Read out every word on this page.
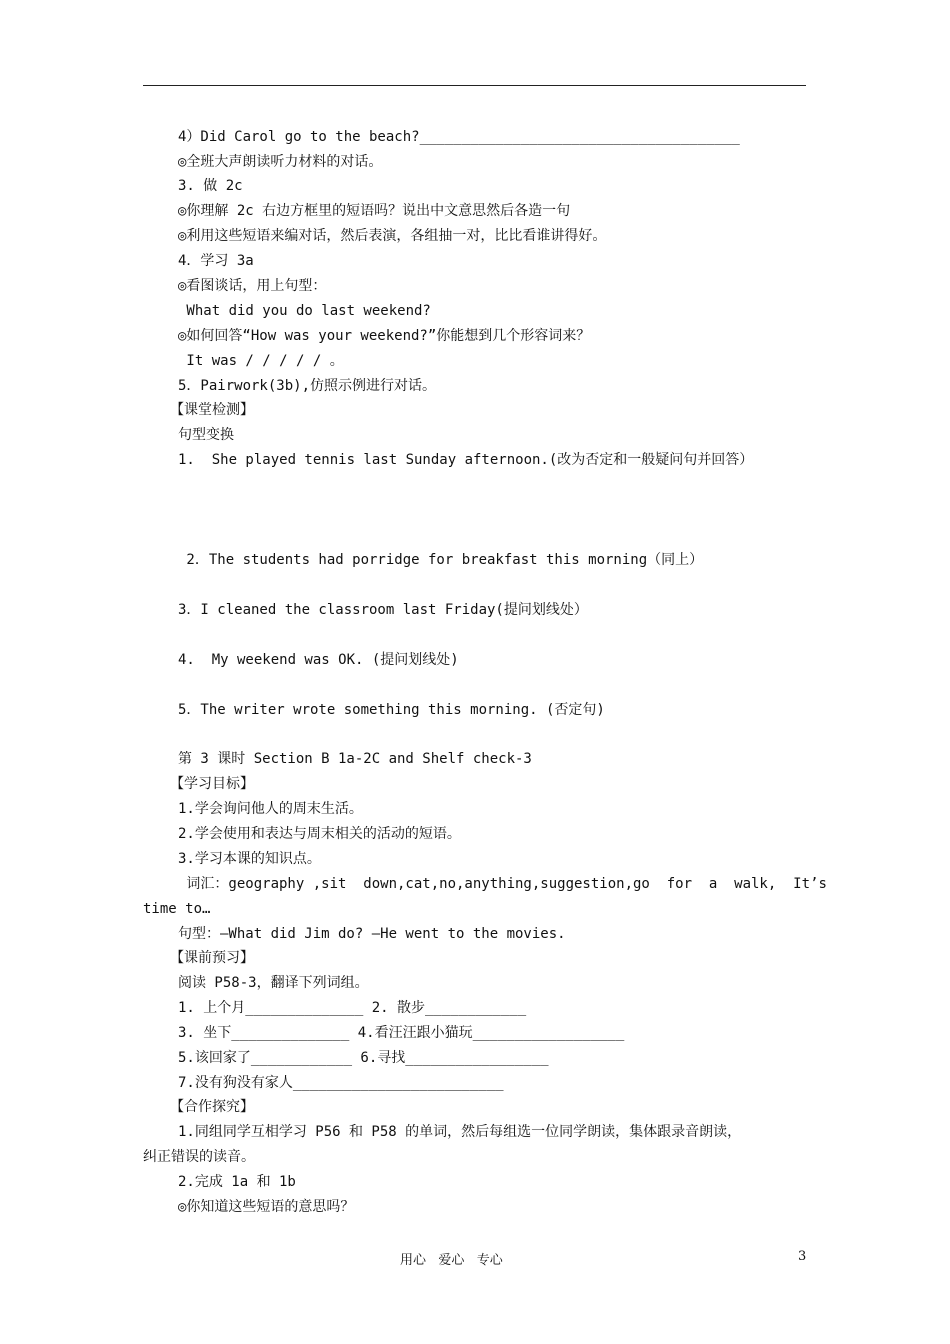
4）Did Carol go to the beach?______________________________________
◎全班大声朗读听力材料的对话。
3. 做 2c
◎你理解 2c 右边方框里的短语吗？说出中文意思然后各造一句
◎利用这些短语来编对话，然后表演，各组抽一对，比比看谁讲得好。
4．学习 3a
◎看图谈话，用上句型：
What did you do last weekend?
◎如何回答“How was your weekend?”你能想到几个形容词来？
It was / / / / / 。
5．Pairwork(3b),仿照示例进行对话。
【课堂检测】
句型变换
1.  She played tennis last Sunday afternoon.(改为否定和一般疑问句并回答）
2．The students had porridge for breakfast this morning（同上）
3．I cleaned the classroom last Friday(提问划线处）
4.  My weekend was OK. (提问划线处)
5．The writer wrote something this morning. (否定句)
第 3 课时 Section B 1a-2C and Shelf check-3
【学习目标】
1.学会询问他人的周末生活。
2.学会使用和表达与周末相关的活动的短语。
3.学习本课的知识点。
词汇：geography ,sit  down,cat,no,anything,suggestion,go  for  a  walk,  It’s
time to…
句型：—What did Jim do? —He went to the movies.
【课前预习】
阅读 P58-3，翻译下列词组。
1. 上个月______________ 2. 散步____________
3. 坐下______________ 4.看汪汪跟小猫玩__________________
5.该回家了____________ 6.寻找_________________
7.没有狗没有家人_________________________
【合作探究】
1.同组同学互相学习 P56 和 P58 的单词，然后每组选一位同学朗读，集体跟录音朗读，
纠正错误的读音。
2.完成 1a 和 1b
◎你知道这些短语的意思吗？
用心   爱心   专心	3
